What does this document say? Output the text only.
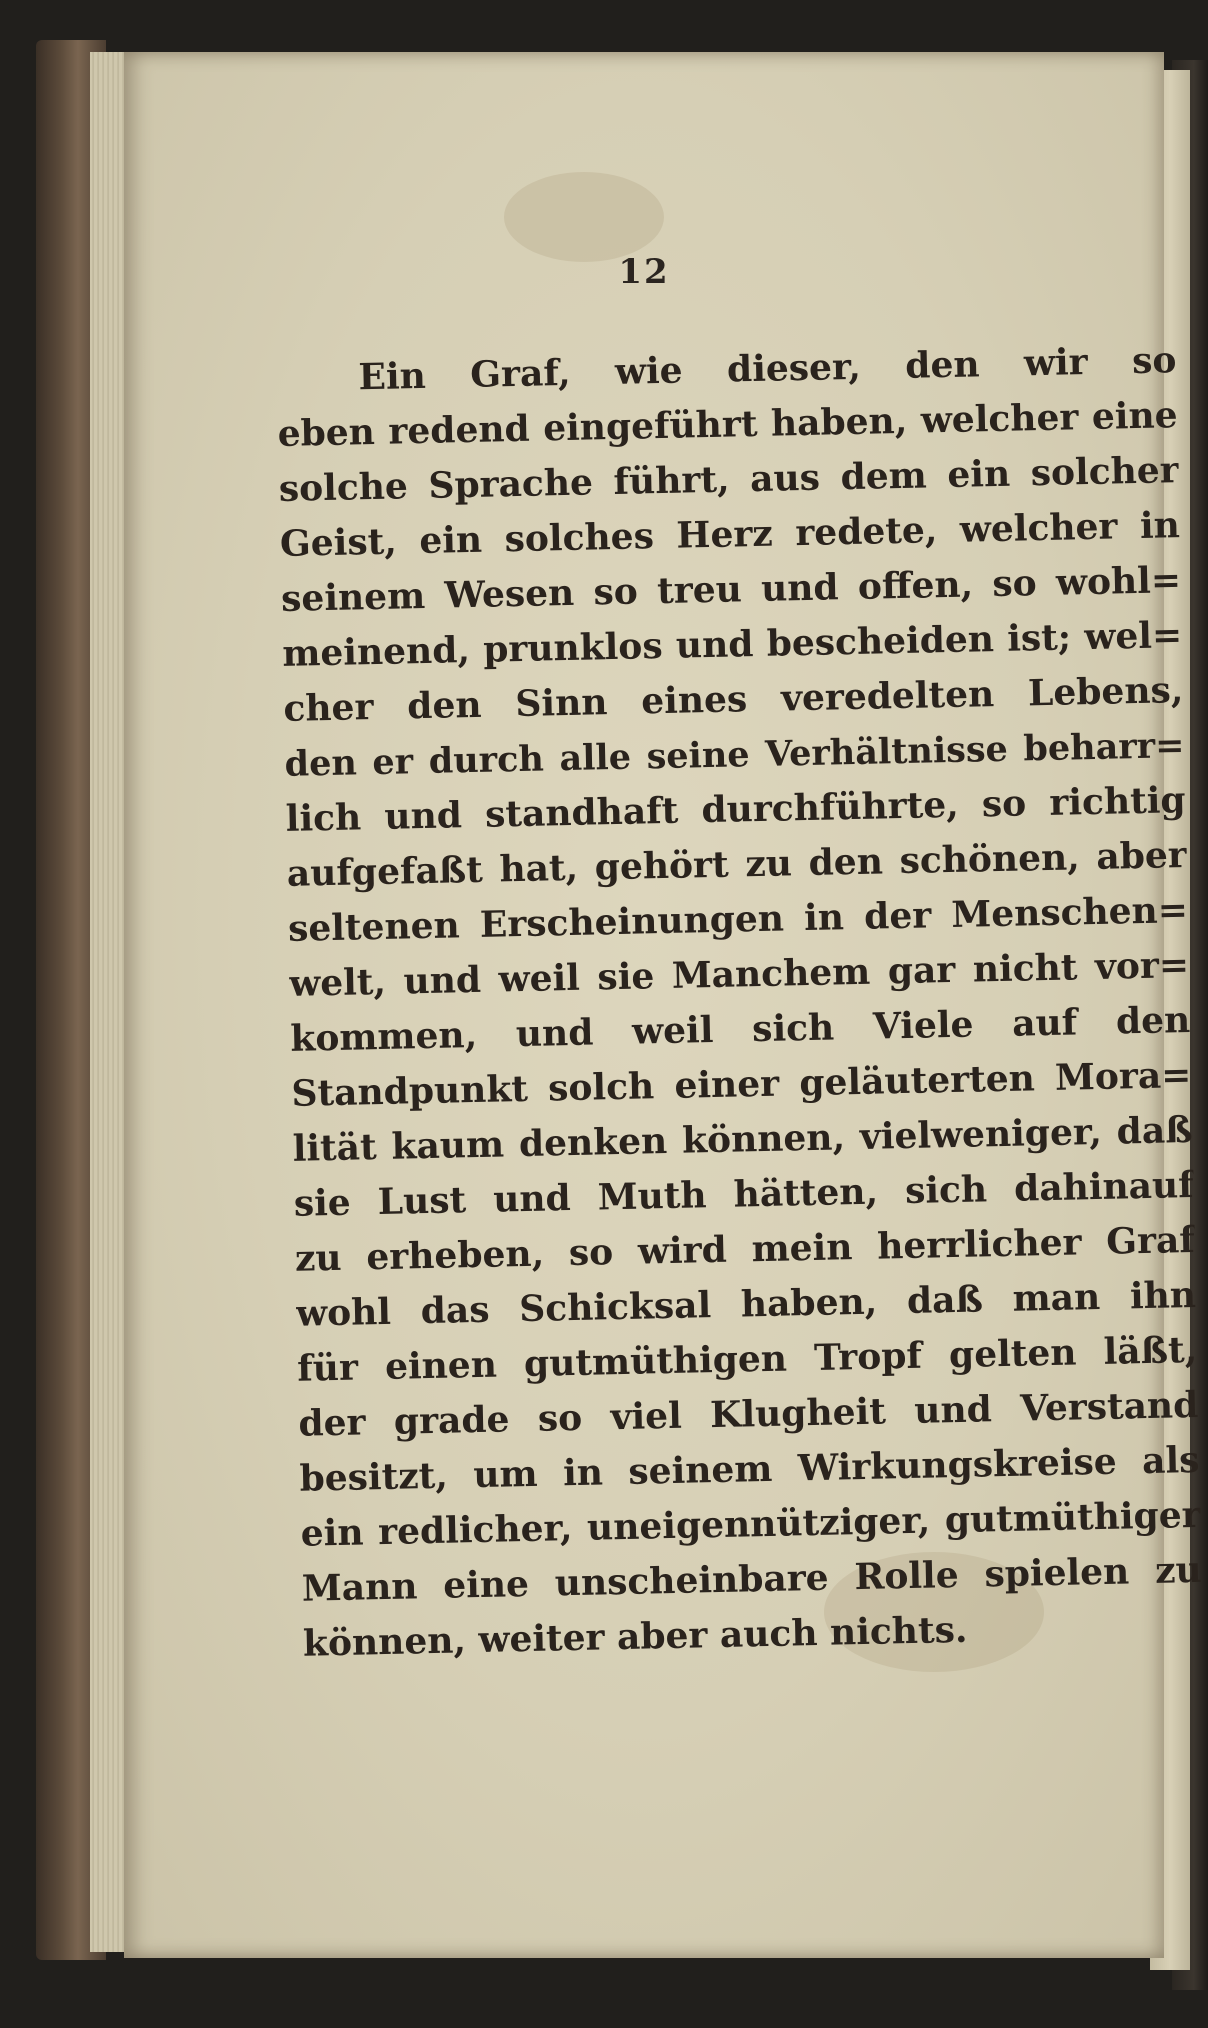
12
Ein Graf, wie dieser, den wir so
eben redend eingeführt haben, welcher eine
solche Sprache führt, aus dem ein solcher
Geist, ein solches Herz redete, welcher in
seinem Wesen so treu und offen, so wohl=
meinend, prunklos und bescheiden ist; wel=
cher den Sinn eines veredelten Lebens,
den er durch alle seine Verhältnisse beharr=
lich und standhaft durchführte, so richtig
aufgefaßt hat, gehört zu den schönen, aber
seltenen Erscheinungen in der Menschen=
welt, und weil sie Manchem gar nicht vor=
kommen, und weil sich Viele auf den
Standpunkt solch einer geläuterten Mora=
lität kaum denken können, vielweniger, daß
sie Lust und Muth hätten, sich dahinauf
zu erheben, so wird mein herrlicher Graf
wohl das Schicksal haben, daß man ihn
für einen gutmüthigen Tropf gelten läßt,
der grade so viel Klugheit und Verstand
besitzt, um in seinem Wirkungskreise als
ein redlicher, uneigennütziger, gutmüthiger
Mann eine unscheinbare Rolle spielen zu
können, weiter aber auch nichts.
